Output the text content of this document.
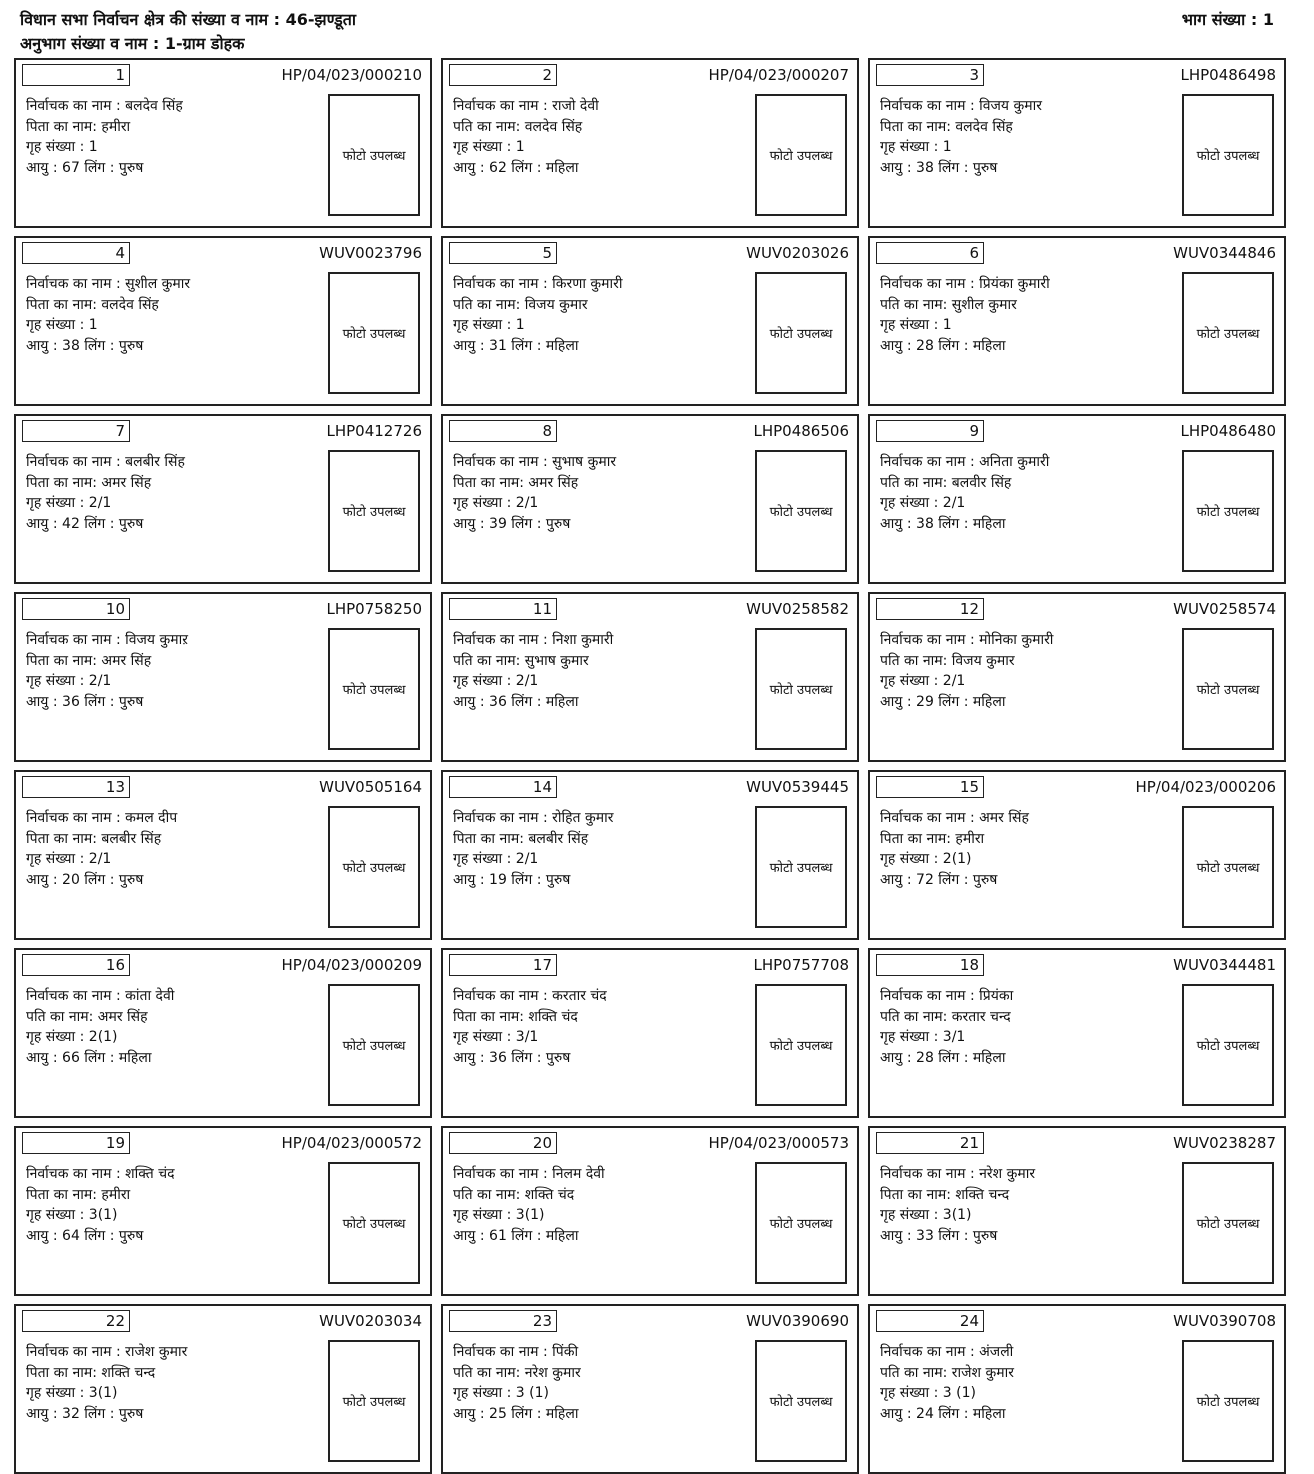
विधान सभा निर्वाचन क्षेत्र की संख्या व नाम : 46-झण्डूता
अनुभाग संख्या व नाम : 1-ग्राम डोहक
भाग संख्या : 1
1	HP/04/023/000210
निर्वाचक का नाम : बलदेव सिंह
पिता का नाम: हमीरा
गृह संख्या : 1
आयु : 67 लिंग : पुरुष
फोटो उपलब्ध
2	HP/04/023/000207
निर्वाचक का नाम : राजो देवी
पति का नाम: वलदेव सिंह
गृह संख्या : 1
आयु : 62 लिंग : महिला
फोटो उपलब्ध
3	LHP0486498
निर्वाचक का नाम : विजय कुमार
पिता का नाम: वलदेव सिंह
गृह संख्या : 1
आयु : 38 लिंग : पुरुष
फोटो उपलब्ध
4	WUV0023796
निर्वाचक का नाम : सुशील कुमार
पिता का नाम: वलदेव सिंह
गृह संख्या : 1
आयु : 38 लिंग : पुरुष
फोटो उपलब्ध
5	WUV0203026
निर्वाचक का नाम : किरणा कुमारी
पति का नाम: विजय कुमार
गृह संख्या : 1
आयु : 31 लिंग : महिला
फोटो उपलब्ध
6	WUV0344846
निर्वाचक का नाम : प्रियंका कुमारी
पति का नाम: सुशील कुमार
गृह संख्या : 1
आयु : 28 लिंग : महिला
फोटो उपलब्ध
7	LHP0412726
निर्वाचक का नाम : बलबीर सिंह
पिता का नाम: अमर सिंह
गृह संख्या : 2/1
आयु : 42 लिंग : पुरुष
फोटो उपलब्ध
8	LHP0486506
निर्वाचक का नाम : सुभाष कुमार
पिता का नाम: अमर सिंह
गृह संख्या : 2/1
आयु : 39 लिंग : पुरुष
फोटो उपलब्ध
9	LHP0486480
निर्वाचक का नाम : अनिता कुमारी
पति का नाम: बलवीर सिंह
गृह संख्या : 2/1
आयु : 38 लिंग : महिला
फोटो उपलब्ध
10	LHP0758250
निर्वाचक का नाम : विजय कुमाऱ
पिता का नाम: अमर सिंह
गृह संख्या : 2/1
आयु : 36 लिंग : पुरुष
फोटो उपलब्ध
11	WUV0258582
निर्वाचक का नाम : निशा कुमारी
पति का नाम: सुभाष कुमार
गृह संख्या : 2/1
आयु : 36 लिंग : महिला
फोटो उपलब्ध
12	WUV0258574
निर्वाचक का नाम : मोनिका कुमारी
पति का नाम: विजय कुमार
गृह संख्या : 2/1
आयु : 29 लिंग : महिला
फोटो उपलब्ध
13	WUV0505164
निर्वाचक का नाम : कमल दीप
पिता का नाम: बलबीर सिंह
गृह संख्या : 2/1
आयु : 20 लिंग : पुरुष
फोटो उपलब्ध
14	WUV0539445
निर्वाचक का नाम : रोहित कुमार
पिता का नाम: बलबीर सिंह
गृह संख्या : 2/1
आयु : 19 लिंग : पुरुष
फोटो उपलब्ध
15	HP/04/023/000206
निर्वाचक का नाम : अमर सिंह
पिता का नाम: हमीरा
गृह संख्या : 2(1)
आयु : 72 लिंग : पुरुष
फोटो उपलब्ध
16	HP/04/023/000209
निर्वाचक का नाम : कांता देवी
पति का नाम: अमर सिंह
गृह संख्या : 2(1)
आयु : 66 लिंग : महिला
फोटो उपलब्ध
17	LHP0757708
निर्वाचक का नाम : करतार चंद
पिता का नाम: शक्ति चंद
गृह संख्या : 3/1
आयु : 36 लिंग : पुरुष
फोटो उपलब्ध
18	WUV0344481
निर्वाचक का नाम : प्रियंका
पति का नाम: करतार चन्द
गृह संख्या : 3/1
आयु : 28 लिंग : महिला
फोटो उपलब्ध
19	HP/04/023/000572
निर्वाचक का नाम : शक्ति चंद
पिता का नाम: हमीरा
गृह संख्या : 3(1)
आयु : 64 लिंग : पुरुष
फोटो उपलब्ध
20	HP/04/023/000573
निर्वाचक का नाम : निलम देवी
पति का नाम: शक्ति चंद
गृह संख्या : 3(1)
आयु : 61 लिंग : महिला
फोटो उपलब्ध
21	WUV0238287
निर्वाचक का नाम : नरेश कुमार
पिता का नाम: शक्ति चन्द
गृह संख्या : 3(1)
आयु : 33 लिंग : पुरुष
फोटो उपलब्ध
22	WUV0203034
निर्वाचक का नाम : राजेश कुमार
पिता का नाम: शक्ति चन्द
गृह संख्या : 3(1)
आयु : 32 लिंग : पुरुष
फोटो उपलब्ध
23	WUV0390690
निर्वाचक का नाम : पिंकी
पति का नाम: नरेश कुमार
गृह संख्या : 3 (1)
आयु : 25 लिंग : महिला
फोटो उपलब्ध
24	WUV0390708
निर्वाचक का नाम : अंजली
पति का नाम: राजेश कुमार
गृह संख्या : 3 (1)
आयु : 24 लिंग : महिला
फोटो उपलब्ध
